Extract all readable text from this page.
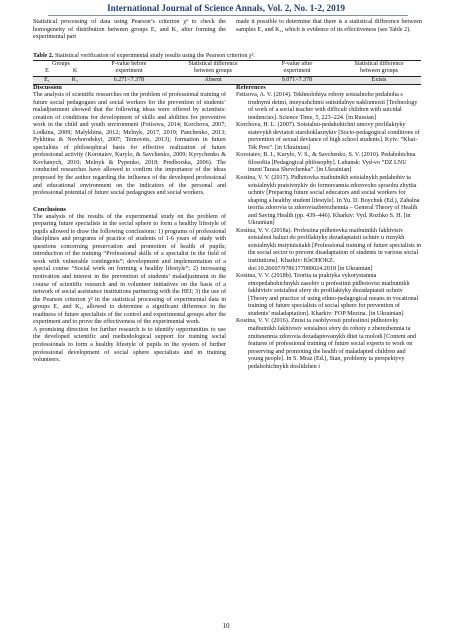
International Journal of Science Annals, Vol. 2, No. 1-2, 2019

Statistical processing of data using Pearson’s criterion χ² to check the homogeneity of distribution between groups E₁ and K₁ after forming the experimental part

made it possible to determine that there is a statistical difference between samples E₁ and K₁, which is evidence of its effectiveness (see Table 2).

Table 2. Statistical verification of experimental study results using the Pearson criterion χ².
Groups		P-value before	Statistical difference	P-value after	Statistical difference
E	K	experiment	between groups	experiment	between groups
E₁	K₁	6.271<7.378	Absent	9.071>7.378	Exists
Discussion

The analysis of scientific researches on the problem of professional training of future social pedagogues and social workers for the prevention of students’ maladjustment showed that the following ideas were offered by scientists: creation of conditions for development of skills and abilities for preventive work in the child and youth environment (Fetisova, 2014; Korchova, 2007; Lodkina, 2009; Malykhina, 2012; Melnyk, 2017, 2019; Panchenko, 2013; Pykhtina & Novhorodskyi, 2007; Ternovets, 2013); formation in future specialists of philosophical basis for effective realization of future professional activity (Korotaiev, Kurylo, & Savchenko, 2009; Kyrychenko & Kovhanych, 2010; Melnyk & Pypenko, 2018; Predborska, 2006). The conducted researches have allowed to confirm the importance of the ideas proposed by the author regarding the influence of the developed professional and educational environment on the indicators of the personal and professional potential of future social pedagogues and social workers.

Conclusions

The analysis of the results of the experimental study on the problem of preparing future specialists in the social sphere to form a healthy lifestyle of pupils allowed to draw the following conclusions: 1) programs of professional disciplines and programs of practice of students of 1-6 years of study with questions concerning preservation and promotion of health of pupils; introduction of the training “Professional skills of a specialist in the field of work with vulnerable contingents”; development and implementation of a special course “Social work on forming a healthy lifestyle”; 2) increasing motivation and interest in the prevention of students’ maladjustment in the course of scientific research and in volunteer initiatives on the basis of a network of social assistance institutions partnering with the HEI; 3) the use of the Pearson criterion χ² in the statistical processing of experimental data in groups E₁ and K₁, allowed to determine a significant difference in the readiness of future specialists of the control and experimental groups after the experiment and to prove the effectiveness of the experimental work.

A promising direction for further research is to identify opportunities to use the developed scientific and methodological support for training social professionals to form a healthy lifestyle of pupils in the system of further professional development of social sphere specialists and in training volunteers.

References

Fetisova, A. V. (2014). Tekhnolohiya roboty sotsialnoho pedahoha s trudnymi detmi, imeyushchimi suitsidalnye naklonnosti [Technology of work of a social teacher with difficult children with suicidal tendencies]. Science Time, 5, 223–224. [in Russian]

Korchova, H. L. (2007). Sotsialno-pedahohichni umovy profilaktyky statevykh deviatsii starshoklasnykiv [Socio-pedagogical conditions of prevention of sexual deviance of high school students]. Kyiv: “Khai-Tek Pres”. [in Ukrainian]

Korotaiev, B. I., Kurylo, V. S., & Savchenko, S. V. (2010). Pedahohichna filosofiia [Pedagogical philosophy]. Luhansk: Vyd-vo “DZ LNU imeni Tarasa Shevchenka”. [in Ukrainian]

Kostina, V. V. (2017). Pidhotovka maibutnikh sotsialnykh pedahohiv ta sotsialnykh pratsivnykiv do formuvannia zdorovoho sposobu zhyttia uchniv [Preparing future social educators and social workers for shaping a healthy student lifestyle]. In Yu. D. Boychuk (Ed.), Zahalna teoriia zdorovia ta zdoroviazberezhennia – General Theory of Health and Saving Health (pp. 439–446). Kharkiv: Vyd. Rozhko S. H. [in Ukrainian]

Kostina, V. V. (2018a). Profesiina pidhotovka maibutnikh fakhivtsiv sotsialnoi haluzi do profilaktyky dezadaptatsii uchniv u riznykh sotsialnykh instytutsiiakh [Professional training of future specialists in the social sector to prevent disadaptation of students in various social institutions]. Kharkiv: KhOHOKZ. doi:10.26697/9786177089024.2018 [in Ukrainian]

Kostina, V. V. (2018b). Teoriia ta praktyka vykorystannia etnopedahohichnykh zasobiv u profesiinii pidhotovtsi maibutnikh fakhivtsiv sotsialnoi sfery do profilaktyky dezadaptatsii uchniv [Theory and practice of using ethno-pedagogical means in vocational training of future specialists of social sphere for prevention of students’ maladaptation]. Kharkiv: FOP Mezina. [in Ukrainian]

Kostina, V. V. (2016). Zmist ta osoblyvosti profesiinoi pidhotovky maibutnikh fakhivtsiv sotsialnoi sfery do roboty z zberezhennia ta zmitsnennia zdorovia dezadaptovanykh ditei ta molodi [Content and features of professional training of future social experts to work on preserving and promoting the health of maladapted children and young people]. In S. Mraz (Ed.), Stan, problemy ta perspektyvy pedahohichnykh doslidzhen i

10
